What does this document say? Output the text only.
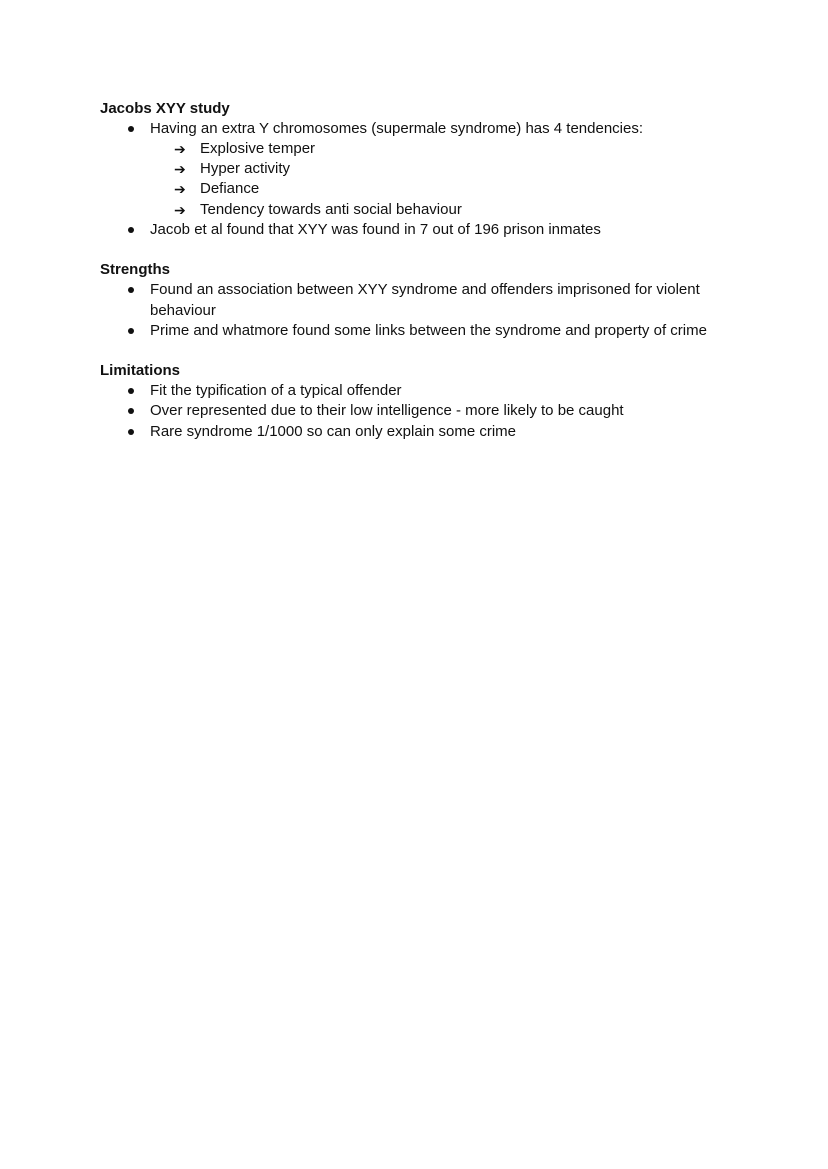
Jacobs XYY study
Having an extra Y chromosomes (supermale syndrome) has 4 tendencies:
➔ Explosive temper
➔ Hyper activity
➔ Defiance
➔ Tendency towards anti social behaviour
Jacob et al found that XYY was found in 7 out of 196 prison inmates
Strengths
Found an association between XYY syndrome and offenders imprisoned for violent
behaviour
Prime and whatmore found some links between the syndrome and property of crime
Limitations
Fit the typification of a typical offender
Over represented due to their low intelligence - more likely to be caught
Rare syndrome 1/1000 so can only explain some crime
